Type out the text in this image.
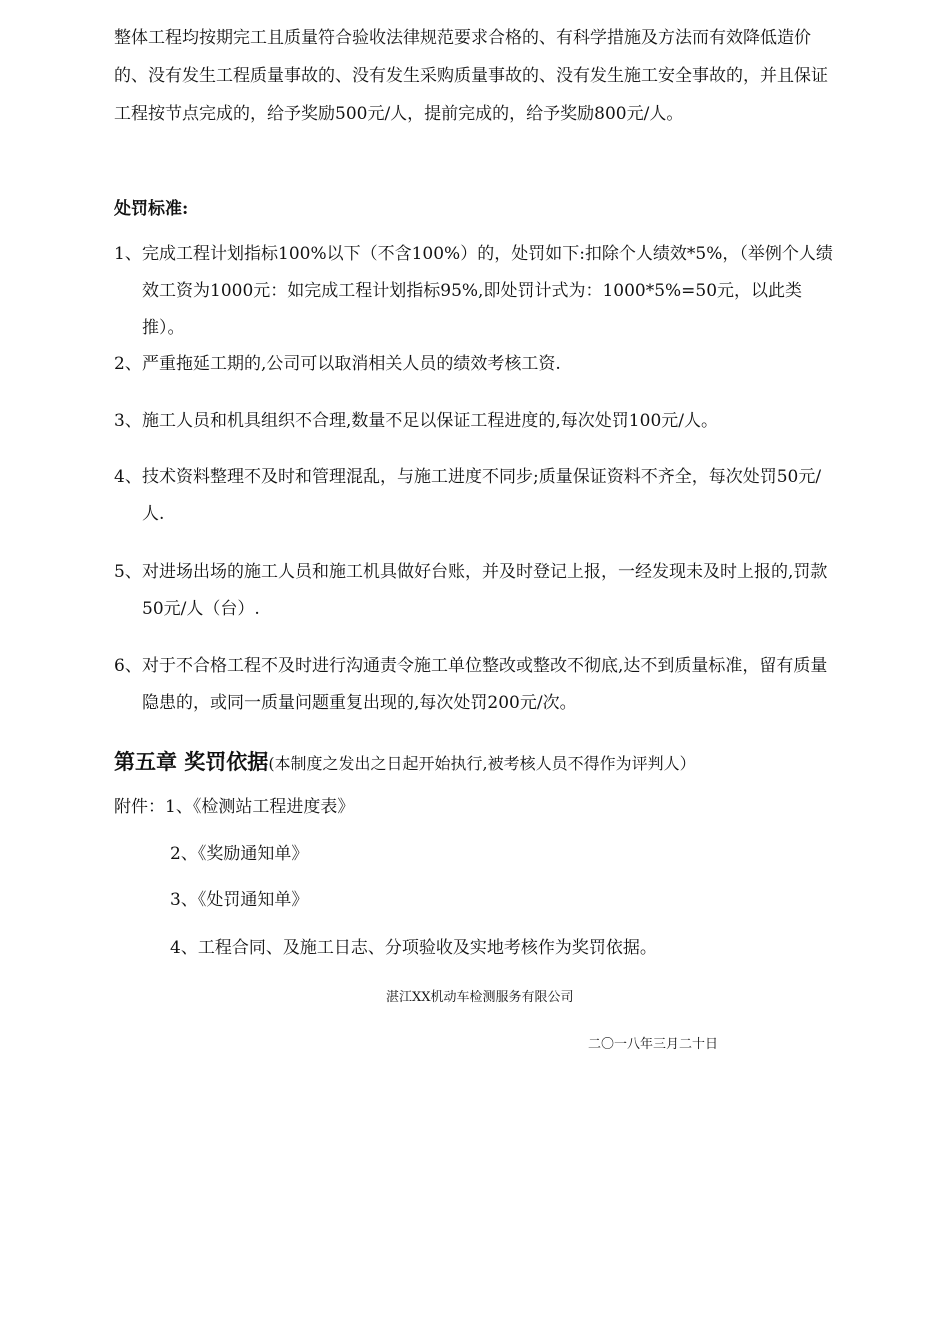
整体工程均按期完工且质量符合验收法律规范要求合格的、有科学措施及方法而有效降低造价的、没有发生工程质量事故的、没有发生采购质量事故的、没有发生施工安全事故的，并且保证工程按节点完成的，给予奖励500元/人，提前完成的，给予奖励800元/人。

处罚标准:

1、 完成工程计划指标100%以下（不含100%）的，处罚如下:扣除个人绩效*5%，（举例个人绩效工资为1000元：如完成工程计划指标95%,即处罚计式为：1000*5%=50元，以此类推）。
2、 严重拖延工期的,公司可以取消相关人员的绩效考核工资.
3、 施工人员和机具组织不合理,数量不足以保证工程进度的,每次处罚100元/人。
4、 技术资料整理不及时和管理混乱，与施工进度不同步;质量保证资料不齐全，每次处罚50元/人.
5、 对进场出场的施工人员和施工机具做好台账，并及时登记上报，一经发现未及时上报的,罚款50元/人（台）.
6、 对于不合格工程不及时进行沟通责令施工单位整改或整改不彻底,达不到质量标准，留有质量隐患的，或同一质量问题重复出现的,每次处罚200元/次。
第五章 奖罚依据(本制度之发出之日起开始执行,被考核人员不得作为评判人）
附件：1、《检测站工程进度表》
2、《奖励通知单》
3、《处罚通知单》
4、工程合同、及施工日志、分项验收及实地考核作为奖罚依据。
湛江XX机动车检测服务有限公司
二〇一八年三月二十日
